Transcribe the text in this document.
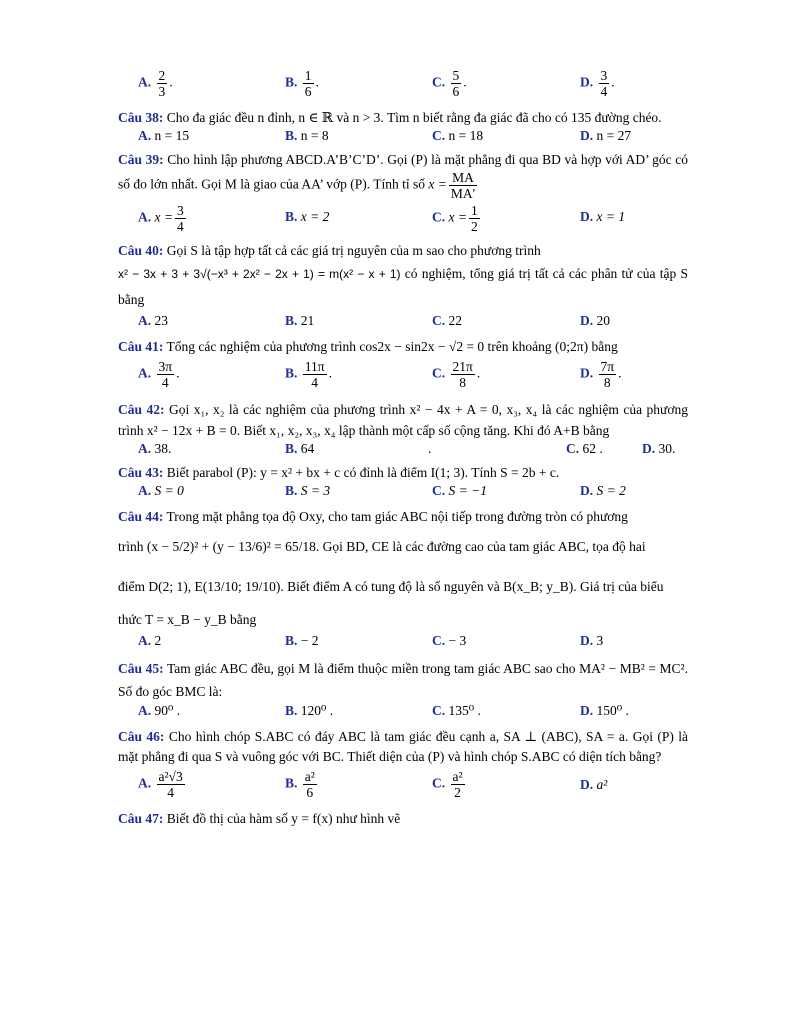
A. $\frac{2}{3}$ .	B. $\frac{1}{6}$ .	C. $\frac{5}{6}$ .	D. $\frac{3}{4}$ .
Câu 38: Cho đa giác đều n đỉnh, n ∈ ℝ và n > 3. Tìm n biết rằng đa giác đã cho có 135 đường chéo.
A. n = 15	B. n = 8	C. n = 18	D. n = 27
Câu 39: Cho hình lập phương ABCD.A’B’C’D’. Gọi (P) là mặt phẳng đi qua BD và hợp với AD’ góc có số đo lớn nhất. Gọi M là giao của AA’ vớp (P). Tính tỉ số $x = \frac{MA}{MA'}$
A. $x = \frac{3}{4}$	B. x = 2	C. $x = \frac{1}{2}$	D. x = 1
Câu 40: Gọi S là tập hợp tất cả các giá trị nguyên của m sao cho phương trình
x² − 3x + 3 + 3√(−x³ + 2x² − 2x + 1) = m(x² − x + 1) có nghiệm, tổng giá trị tất cả các phân tử của tập S bằng
A. 23	B. 21	C. 22	D. 20
Câu 41: Tổng các nghiệm của phương trình cos2x − sin2x − √2 = 0 trên khoảng (0;2π) bằng
A. $\frac{3\pi}{4}$ .	B. $\frac{11\pi}{4}$ .	C. $\frac{21\pi}{8}$ .	D. $\frac{7\pi}{8}$ .
Câu 42: Gọi x₁, x₂ là các nghiệm của phương trình x² − 4x + A = 0, x₃, x₄ là các nghiệm của phương trình x² − 12x + B = 0. Biết x₁, x₂, x₃, x₄ lập thành một cấp số cộng tăng. Khi đó A+B bằng
A. 38.	B. 64	.	C. 62 .	D. 30.
Câu 43: Biết parabol (P): y = x² + bx + c có đỉnh là điểm I(1; 3). Tính S = 2b + c.
A. S = 0	B. S = 3	C. S = −1	D. S = 2
Câu 44: Trong mặt phẳng tọa độ Oxy, cho tam giác ABC nội tiếp trong đường tròn có phương
trình (x − 5/2)² + (y − 13/6)² = 65/18. Gọi BD, CE là các đường cao của tam giác ABC, tọa độ hai
điểm D(2; 1), E(13/10; 19/10). Biết điểm A có tung độ là số nguyên và B(x_B; y_B). Giá trị của biểu
thức T = x_B − y_B bằng
A. 2	B. − 2	C. − 3	D. 3
Câu 45: Tam giác ABC đều, gọi M là điểm thuộc miền trong tam giác ABC sao cho MA² − MB² = MC². Số đo góc BMC là:
A. 90⁰ .	B. 120⁰ .	C. 135⁰ .	D. 150⁰ .
Câu 46: Cho hình chóp S.ABC có đáy ABC là tam giác đều cạnh a, SA ⊥ (ABC), SA = a. Gọi (P) là mặt phẳng đi qua S và vuông góc với BC. Thiết diện của (P) và hình chóp S.ABC có diện tích bằng?
A. $\frac{\text{a²√3}}{4}$	B. $\frac{\text{a²}}{6}$	C. $\frac{\text{a²}}{2}$	D. a²
Câu 47: Biết đồ thị của hàm số y = f(x) như hình vẽ
